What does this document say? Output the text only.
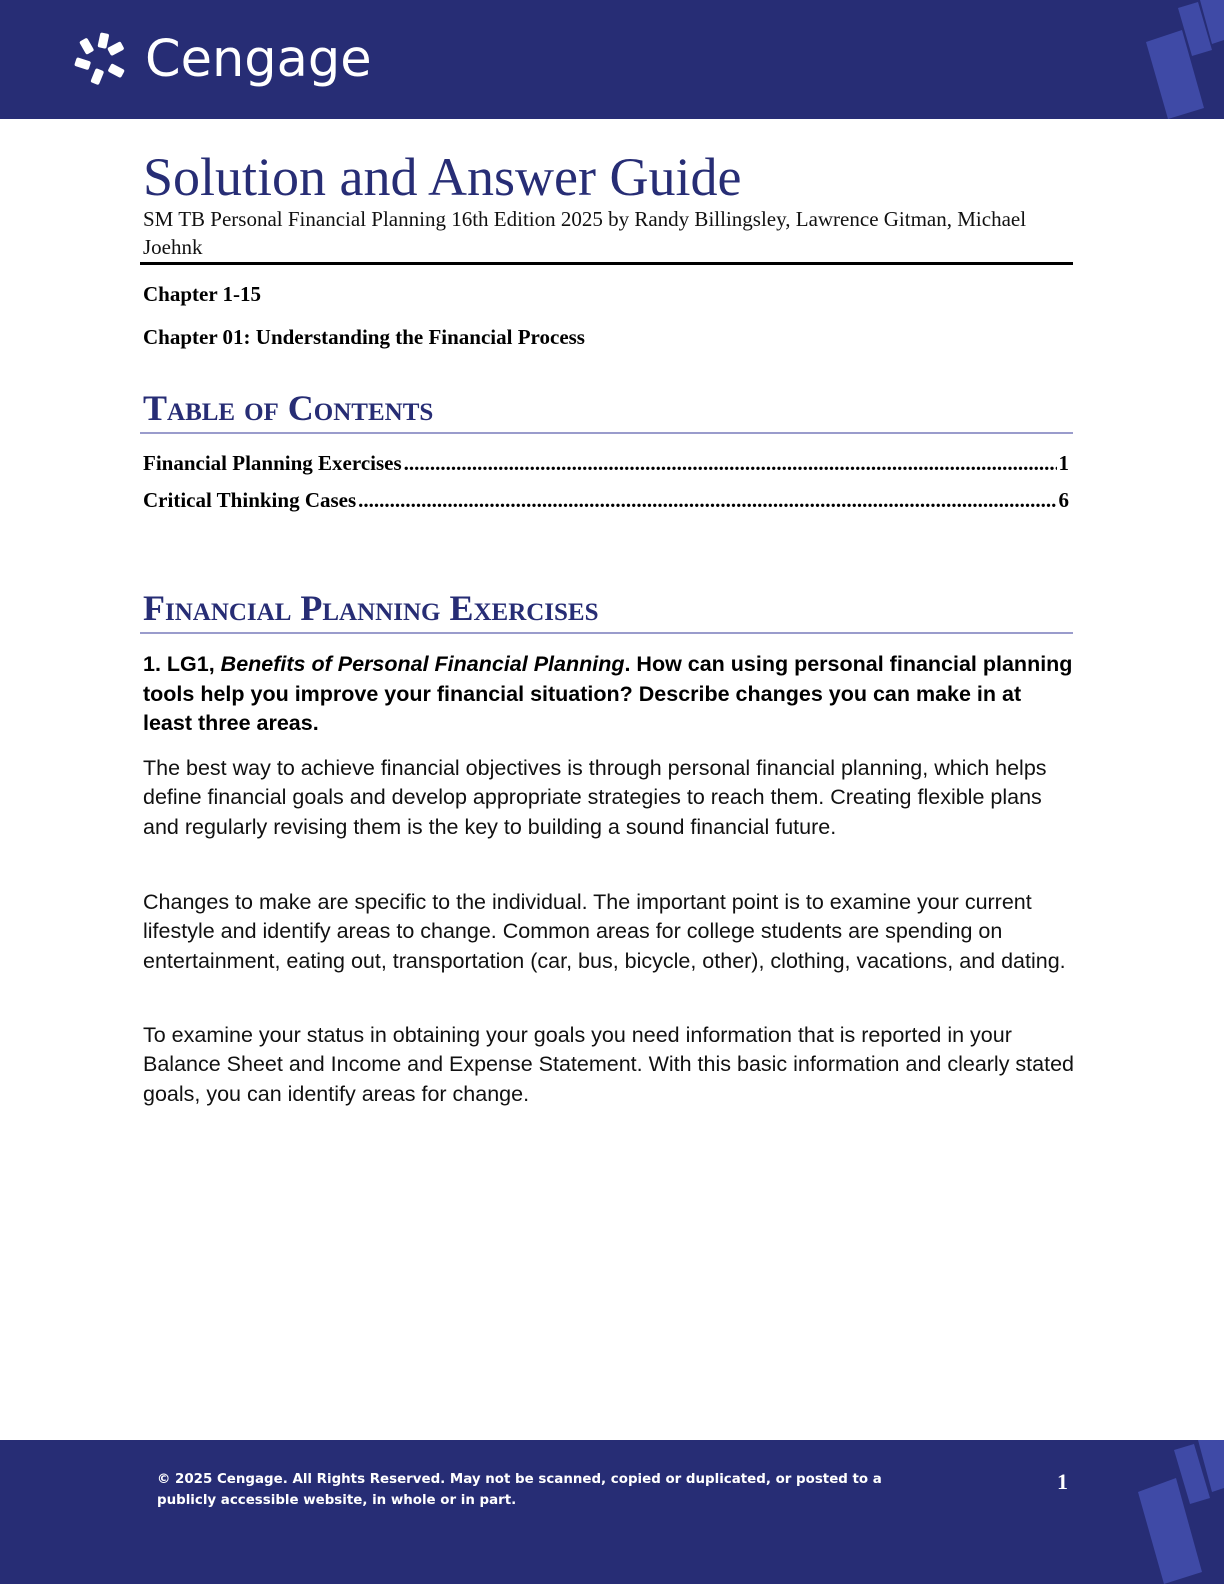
Cengage
Solution and Answer Guide

SM TB Personal Financial Planning 16th Edition 2025 by Randy Billingsley, Lawrence Gitman, Michael Joehnk

Chapter 1-15

Chapter 01: Understanding the Financial Process

Table of Contents
Financial Planning Exercises .....	1
Critical Thinking Cases .....	6
Financial Planning Exercises

1. LG1, Benefits of Personal Financial Planning. How can using personal financial planning tools help you improve your financial situation? Describe changes you can make in at least three areas.

The best way to achieve financial objectives is through personal financial planning, which helps define financial goals and develop appropriate strategies to reach them. Creating flexible plans and regularly revising them is the key to building a sound financial future.

Changes to make are specific to the individual. The important point is to examine your current lifestyle and identify areas to change. Common areas for college students are spending on entertainment, eating out, transportation (car, bus, bicycle, other), clothing, vacations, and dating.

To examine your status in obtaining your goals you need information that is reported in your Balance Sheet and Income and Expense Statement. With this basic information and clearly stated goals, you can identify areas for change.

© 2025 Cengage. All Rights Reserved. May not be scanned, copied or duplicated, or posted to a publicly accessible website, in whole or in part.

1
